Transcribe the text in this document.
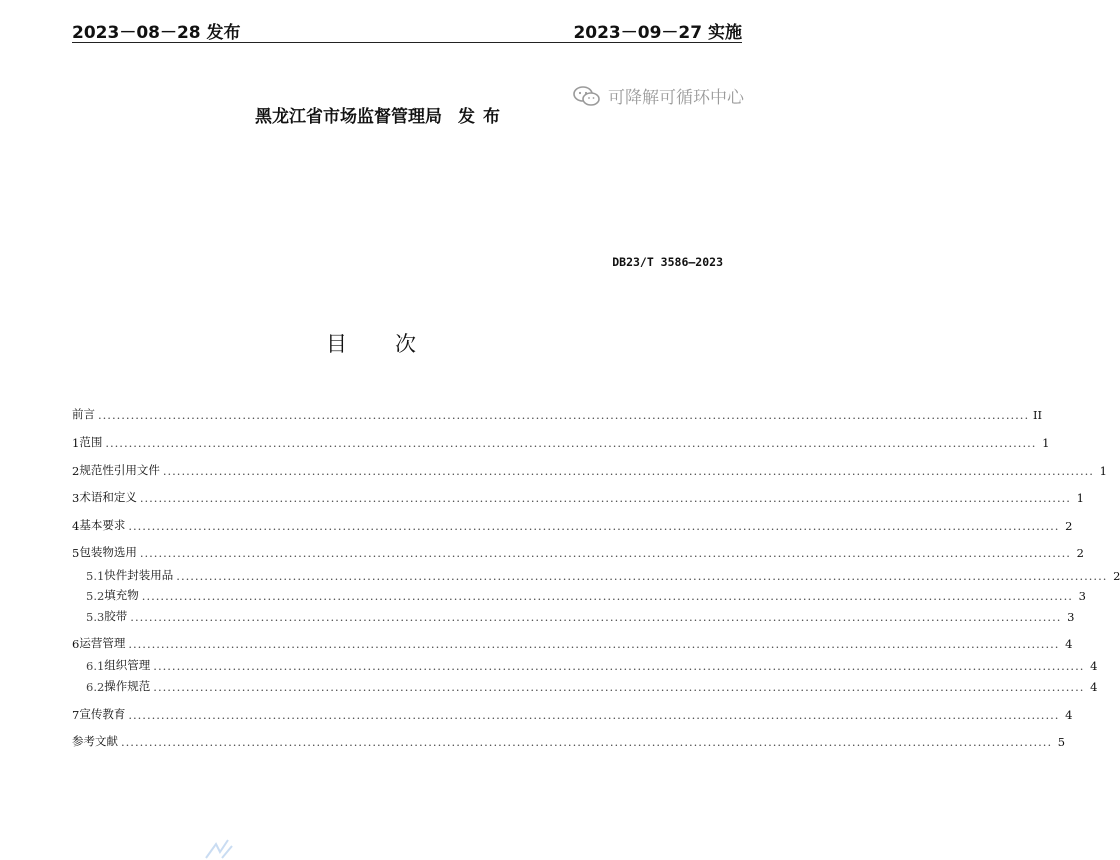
2023－08－28 发布	2023－09－27 实施
黑龙江省市场监督管理局 发布
可降解可循环中心
DB23/T 3586—2023
目次
前言 ........................................................................................................................................................................................................ II
1 范围 ........................................................................................................................................................................................................ 1
2 规范性引用文件 ........................................................................................................................................................................................................ 1
3 术语和定义 ........................................................................................................................................................................................................ 1
4 基本要求 ........................................................................................................................................................................................................ 2
5 包装物选用 ........................................................................................................................................................................................................ 2
5.1 快件封装用品 ........................................................................................................................................................................................................ 2
5.2 填充物 ........................................................................................................................................................................................................ 3
5.3 胶带 ........................................................................................................................................................................................................ 3
6 运营管理 ........................................................................................................................................................................................................ 4
6.1 组织管理 ........................................................................................................................................................................................................ 4
6.2 操作规范 ........................................................................................................................................................................................................ 4
7 宣传教育 ........................................................................................................................................................................................................ 4
参考文献 ........................................................................................................................................................................................................ 5
